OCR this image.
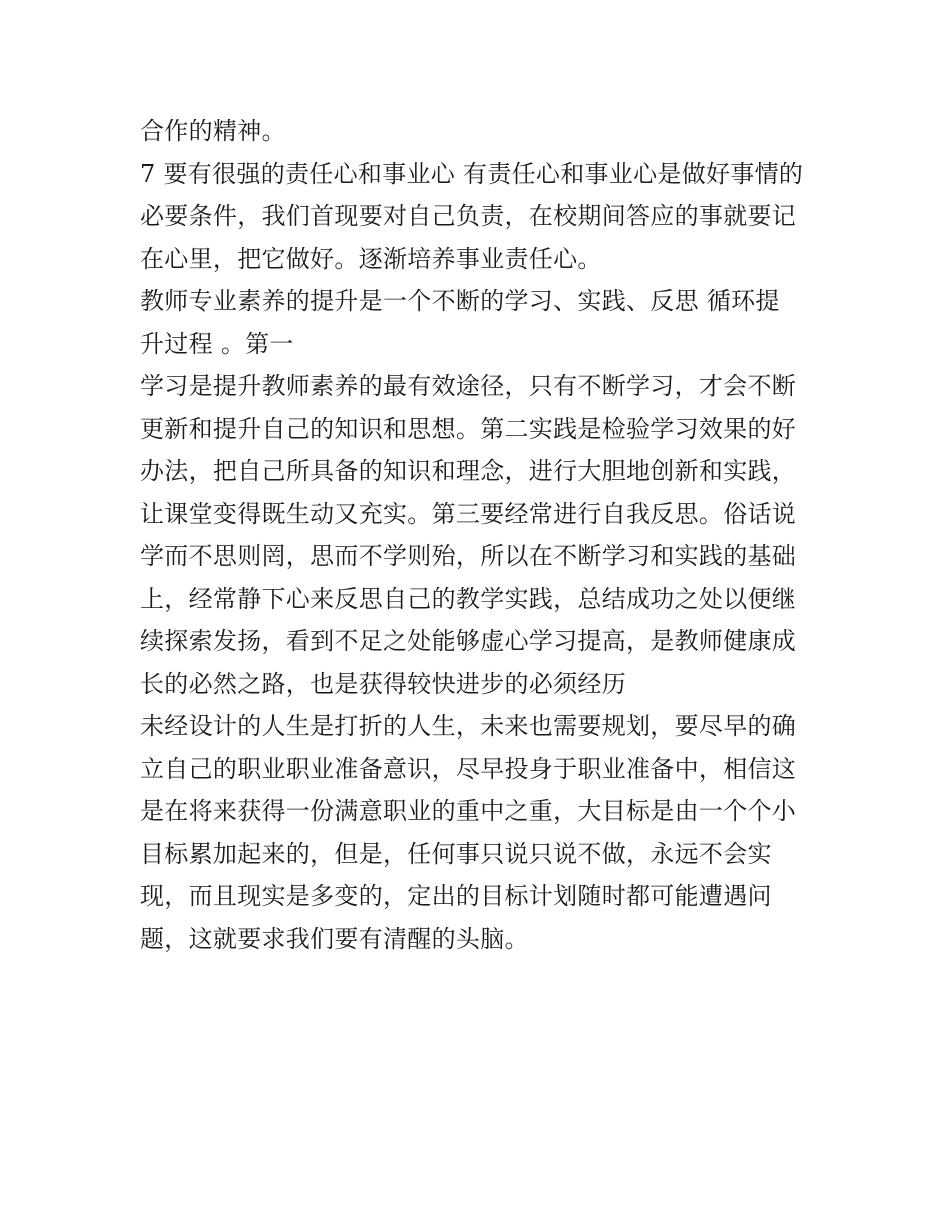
合作的精神。

7 要有很强的责任心和事业心 有责任心和事业心是做好事情的

必要条件，我们首现要对自己负责，在校期间答应的事就要记

在心里，把它做好。逐渐培养事业责任心。

教师专业素养的提升是一个不断的学习、实践、反思 循环提

升过程 。第一

学习是提升教师素养的最有效途径，只有不断学习，才会不断

更新和提升自己的知识和思想。第二实践是检验学习效果的好

办法，把自己所具备的知识和理念，进行大胆地创新和实践，

让课堂变得既生动又充实。第三要经常进行自我反思。俗话说

学而不思则罔，思而不学则殆，所以在不断学习和实践的基础

上，经常静下心来反思自己的教学实践，总结成功之处以便继

续探索发扬，看到不足之处能够虚心学习提高，是教师健康成

长的必然之路，也是获得较快进步的必须经历

未经设计的人生是打折的人生，未来也需要规划，要尽早的确

立自己的职业职业准备意识，尽早投身于职业准备中，相信这

是在将来获得一份满意职业的重中之重，大目标是由一个个小

目标累加起来的，但是，任何事只说只说不做，永远不会实

现，而且现实是多变的，定出的目标计划随时都可能遭遇问

题，这就要求我们要有清醒的头脑。
